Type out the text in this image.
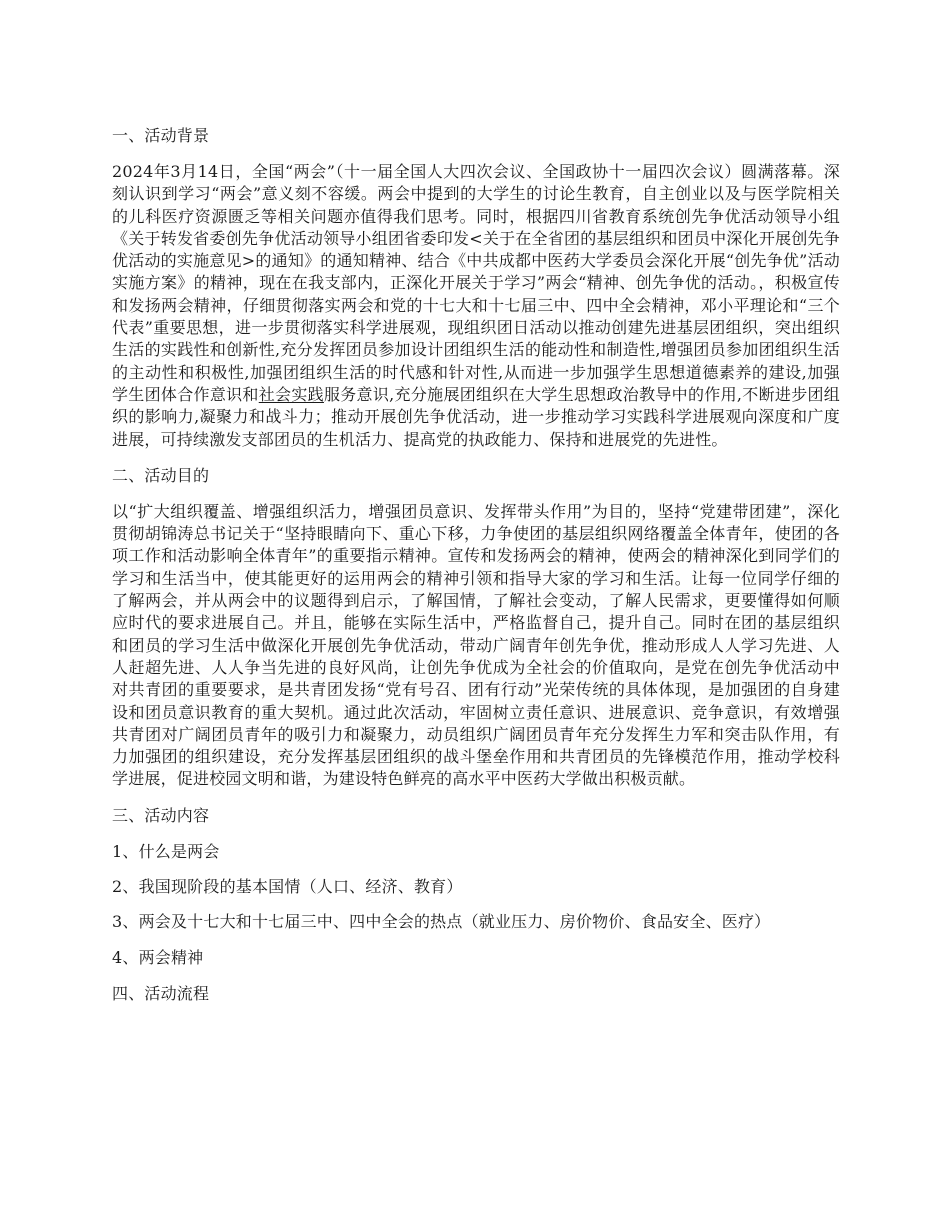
一、活动背景
2024年3月14日，全国“两会”（十一届全国人大四次会议、全国政协十一届四次会议）圆满落幕。深刻认识到学习“两会”意义刻不容缓。两会中提到的大学生的讨论生教育，自主创业以及与医学院相关的儿科医疗资源匮乏等相关问题亦值得我们思考。同时，根据四川省教育系统创先争优活动领导小组《关于转发省委创先争优活动领导小组团省委印发<关于在全省团的基层组织和团员中深化开展创先争优活动的实施意见>的通知》的通知精神、结合《中共成都中医药大学委员会深化开展“创先争优”活动实施方案》的精神，现在在我支部内，正深化开展关于学习”两会“精神、创先争优的活动。，积极宣传和发扬两会精神，仔细贯彻落实两会和党的十七大和十七届三中、四中全会精神，邓小平理论和“三个代表”重要思想，进一步贯彻落实科学进展观，现组织团日活动以推动创建先进基层团组织，突出组织生活的实践性和创新性,充分发挥团员参加设计团组织生活的能动性和制造性,增强团员参加团组织生活的主动性和积极性,加强团组织生活的时代感和针对性,从而进一步加强学生思想道德素养的建设,加强学生团体合作意识和社会实践服务意识,充分施展团组织在大学生思想政治教导中的作用,不断进步团组织的影响力,凝聚力和战斗力；推动开展创先争优活动，进一步推动学习实践科学进展观向深度和广度进展，可持续激发支部团员的生机活力、提高党的执政能力、保持和进展党的先进性。
二、活动目的
以“扩大组织覆盖、增强组织活力，增强团员意识、发挥带头作用”为目的，坚持“党建带团建”，深化贯彻胡锦涛总书记关于“坚持眼睛向下、重心下移，力争使团的基层组织网络覆盖全体青年，使团的各项工作和活动影响全体青年”的重要指示精神。宣传和发扬两会的精神，使两会的精神深化到同学们的学习和生活当中，使其能更好的运用两会的精神引领和指导大家的学习和生活。让每一位同学仔细的了解两会，并从两会中的议题得到启示，了解国情，了解社会变动，了解人民需求，更要懂得如何顺应时代的要求进展自己。并且，能够在实际生活中，严格监督自己，提升自己。同时在团的基层组织和团员的学习生活中做深化开展创先争优活动，带动广阔青年创先争优，推动形成人人学习先进、人人赶超先进、人人争当先进的良好风尚，让创先争优成为全社会的价值取向，是党在创先争优活动中对共青团的重要要求，是共青团发扬“党有号召、团有行动”光荣传统的具体体现，是加强团的自身建设和团员意识教育的重大契机。通过此次活动，牢固树立责任意识、进展意识、竞争意识，有效增强共青团对广阔团员青年的吸引力和凝聚力，动员组织广阔团员青年充分发挥生力军和突击队作用，有力加强团的组织建设，充分发挥基层团组织的战斗堡垒作用和共青团员的先锋模范作用，推动学校科学进展，促进校园文明和谐，为建设特色鲜亮的高水平中医药大学做出积极贡献。
三、活动内容
1、什么是两会
2、我国现阶段的基本国情（人口、经济、教育）
3、两会及十七大和十七届三中、四中全会的热点（就业压力、房价物价、食品安全、医疗）
4、两会精神
四、活动流程
